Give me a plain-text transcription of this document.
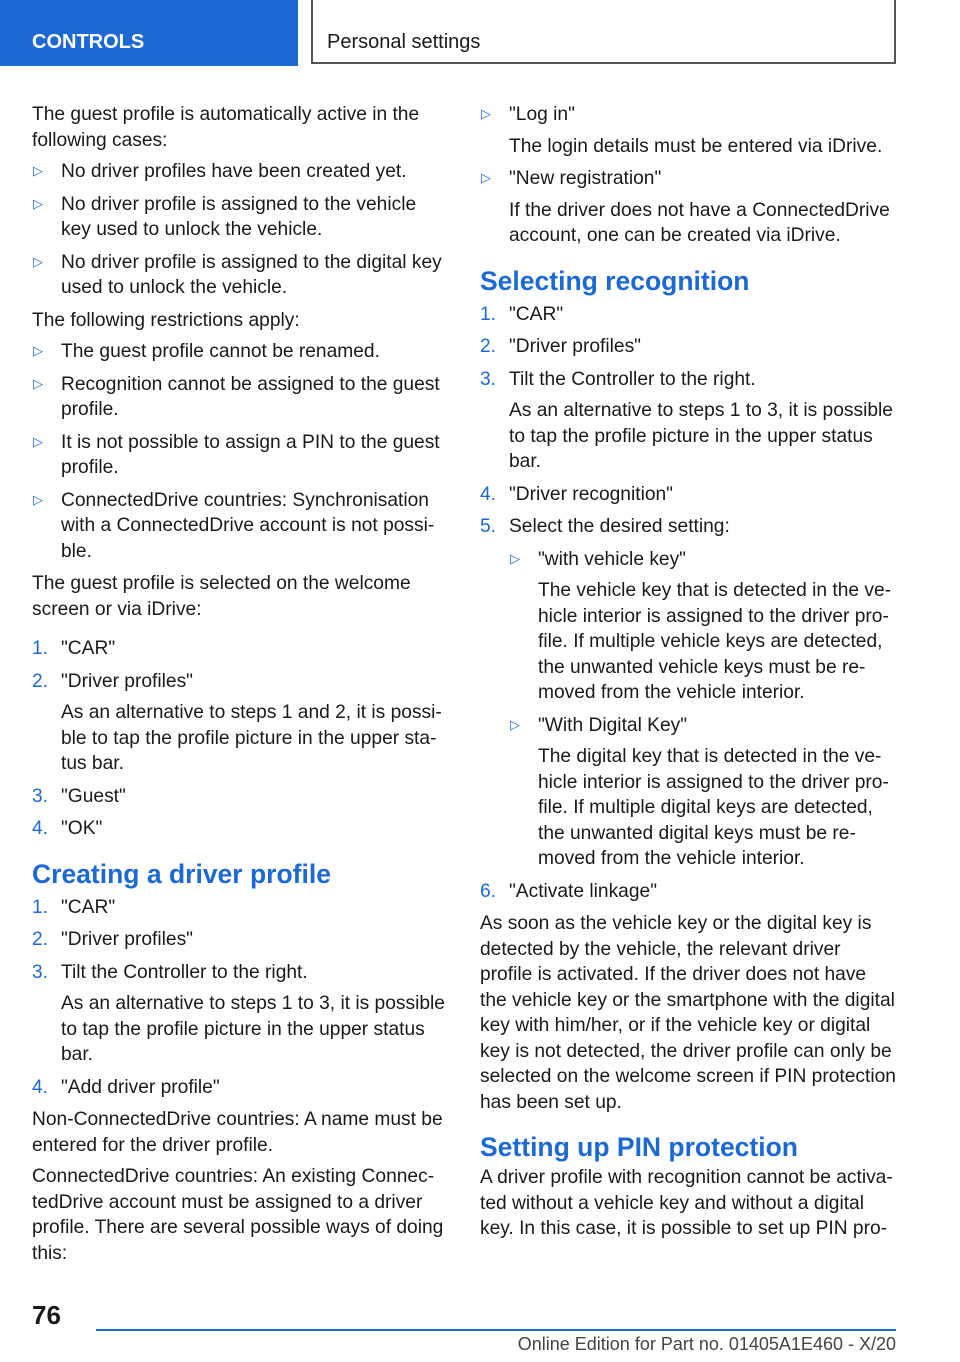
CONTROLS	Personal settings

The guest profile is automatically active in the following cases:

▷ No driver profiles have been created yet.
▷ No driver profile is assigned to the vehicle key used to unlock the vehicle.
▷ No driver profile is assigned to the digital key used to unlock the vehicle.

The following restrictions apply:

▷ The guest profile cannot be renamed.
▷ Recognition cannot be assigned to the guest profile.
▷ It is not possible to assign a PIN to the guest profile.
▷ ConnectedDrive countries: Synchronisation with a ConnectedDrive account is not possible.

The guest profile is selected on the welcome screen or via iDrive:

1. "CAR"
2. "Driver profiles"
As an alternative to steps 1 and 2, it is possible to tap the profile picture in the upper status bar.
3. "Guest"
4. "OK"
Creating a driver profile
1. "CAR"
2. "Driver profiles"
3. Tilt the Controller to the right.
As an alternative to steps 1 to 3, it is possible to tap the profile picture in the upper status bar.
4. "Add driver profile"

Non-ConnectedDrive countries: A name must be entered for the driver profile.

ConnectedDrive countries: An existing ConnectedDrive account must be assigned to a driver profile. There are several possible ways of doing this:

▷ "Log in"
The login details must be entered via iDrive.
▷ "New registration"
If the driver does not have a ConnectedDrive account, one can be created via iDrive.
Selecting recognition
1. "CAR"
2. "Driver profiles"
3. Tilt the Controller to the right.
As an alternative to steps 1 to 3, it is possible to tap the profile picture in the upper status bar.
4. "Driver recognition"
5. Select the desired setting:
▷ "with vehicle key"
The vehicle key that is detected in the vehicle interior is assigned to the driver profile. If multiple vehicle keys are detected, the unwanted vehicle keys must be removed from the vehicle interior.
▷ "With Digital Key"
The digital key that is detected in the vehicle interior is assigned to the driver profile. If multiple digital keys are detected, the unwanted digital keys must be removed from the vehicle interior.
6. "Activate linkage"

As soon as the vehicle key or the digital key is detected by the vehicle, the relevant driver profile is activated. If the driver does not have the vehicle key or the smartphone with the digital key with him/her, or if the vehicle key or digital key is not detected, the driver profile can only be selected on the welcome screen if PIN protection has been set up.

Setting up PIN protection

A driver profile with recognition cannot be activated without a vehicle key and without a digital key. In this case, it is possible to set up PIN pro-

76
Online Edition for Part no. 01405A1E460 - X/20
